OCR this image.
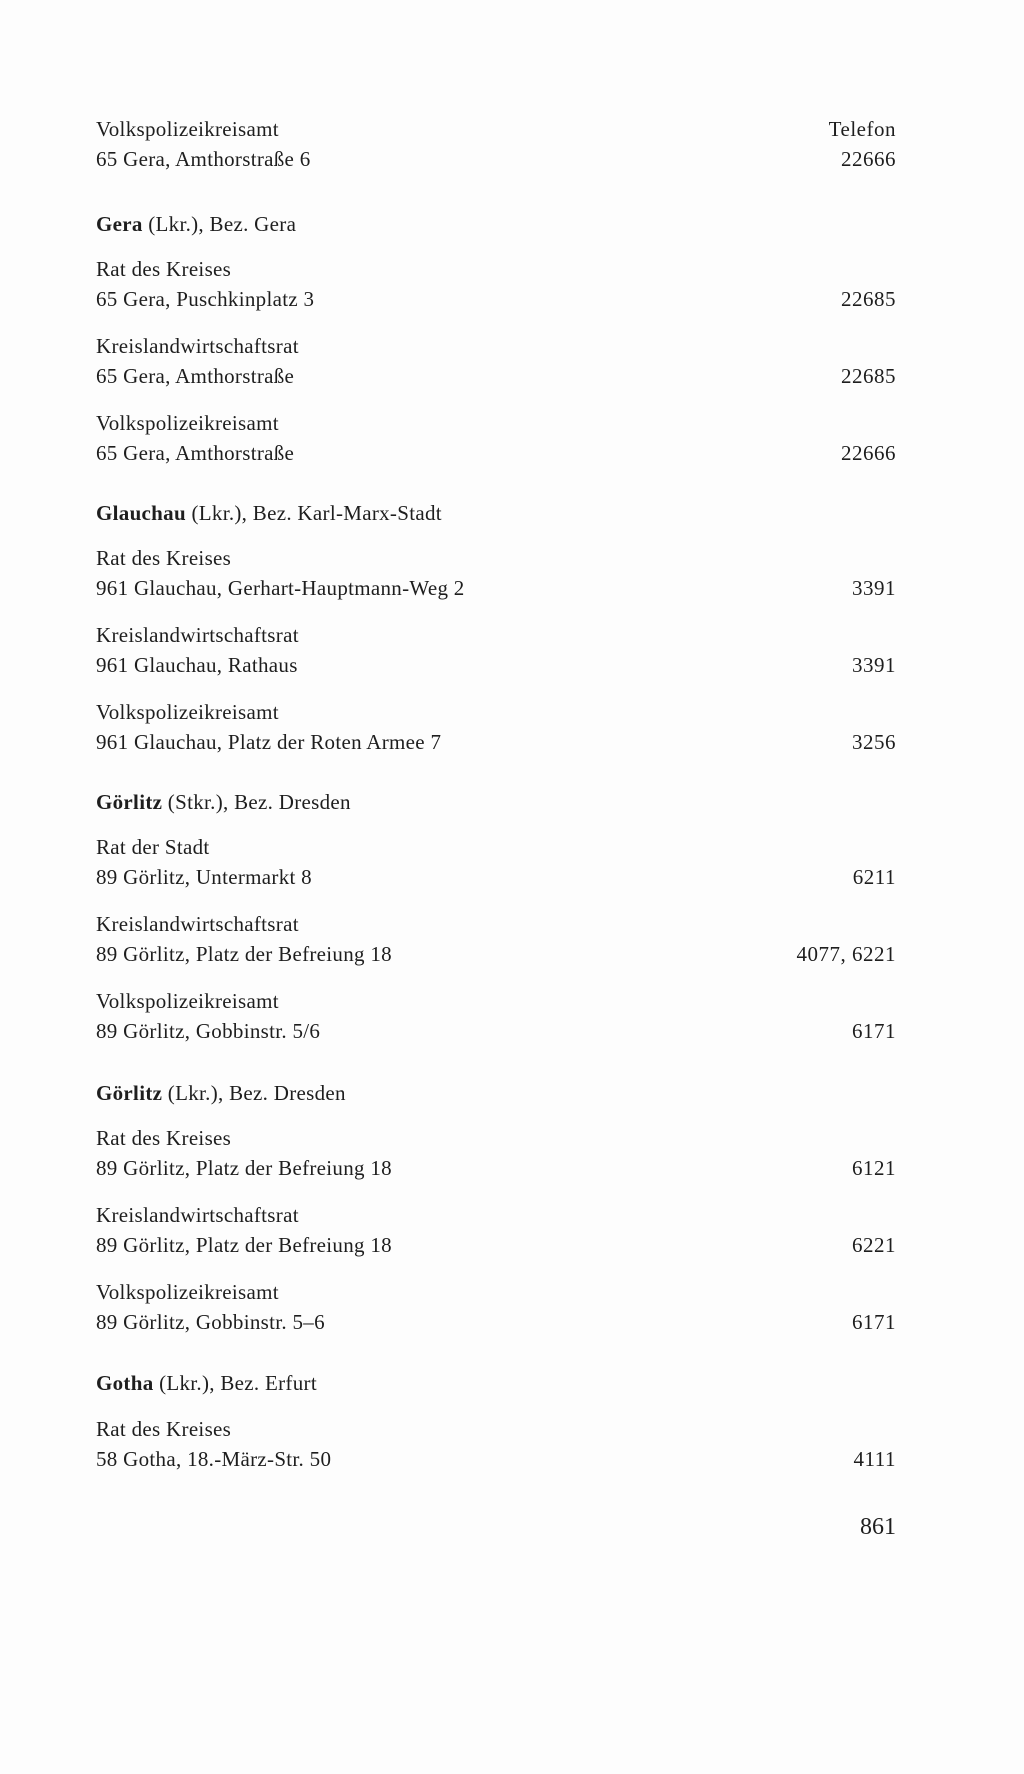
Volkspolizeikreisamt	Telefon
65 Gera, Amthorstraße 6	22666
Gera (Lkr.), Bez. Gera
Rat des Kreises
65 Gera, Puschkinplatz 3	22685
Kreislandwirtschaftsrat
65 Gera, Amthorstraße	22685
Volkspolizeikreisamt
65 Gera, Amthorstraße	22666
Glauchau (Lkr.), Bez. Karl-Marx-Stadt
Rat des Kreises
961 Glauchau, Gerhart-Hauptmann-Weg 2	3391
Kreislandwirtschaftsrat
961 Glauchau, Rathaus	3391
Volkspolizeikreisamt
961 Glauchau, Platz der Roten Armee 7	3256
Görlitz (Stkr.), Bez. Dresden
Rat der Stadt
89 Görlitz, Untermarkt 8	6211
Kreislandwirtschaftsrat
89 Görlitz, Platz der Befreiung 18	4077, 6221
Volkspolizeikreisamt
89 Görlitz, Gobbinstr. 5/6	6171
Görlitz (Lkr.), Bez. Dresden
Rat des Kreises
89 Görlitz, Platz der Befreiung 18	6121
Kreislandwirtschaftsrat
89 Görlitz, Platz der Befreiung 18	6221
Volkspolizeikreisamt
89 Görlitz, Gobbinstr. 5–6	6171
Gotha (Lkr.), Bez. Erfurt
Rat des Kreises
58 Gotha, 18.-März-Str. 50	4111
861
